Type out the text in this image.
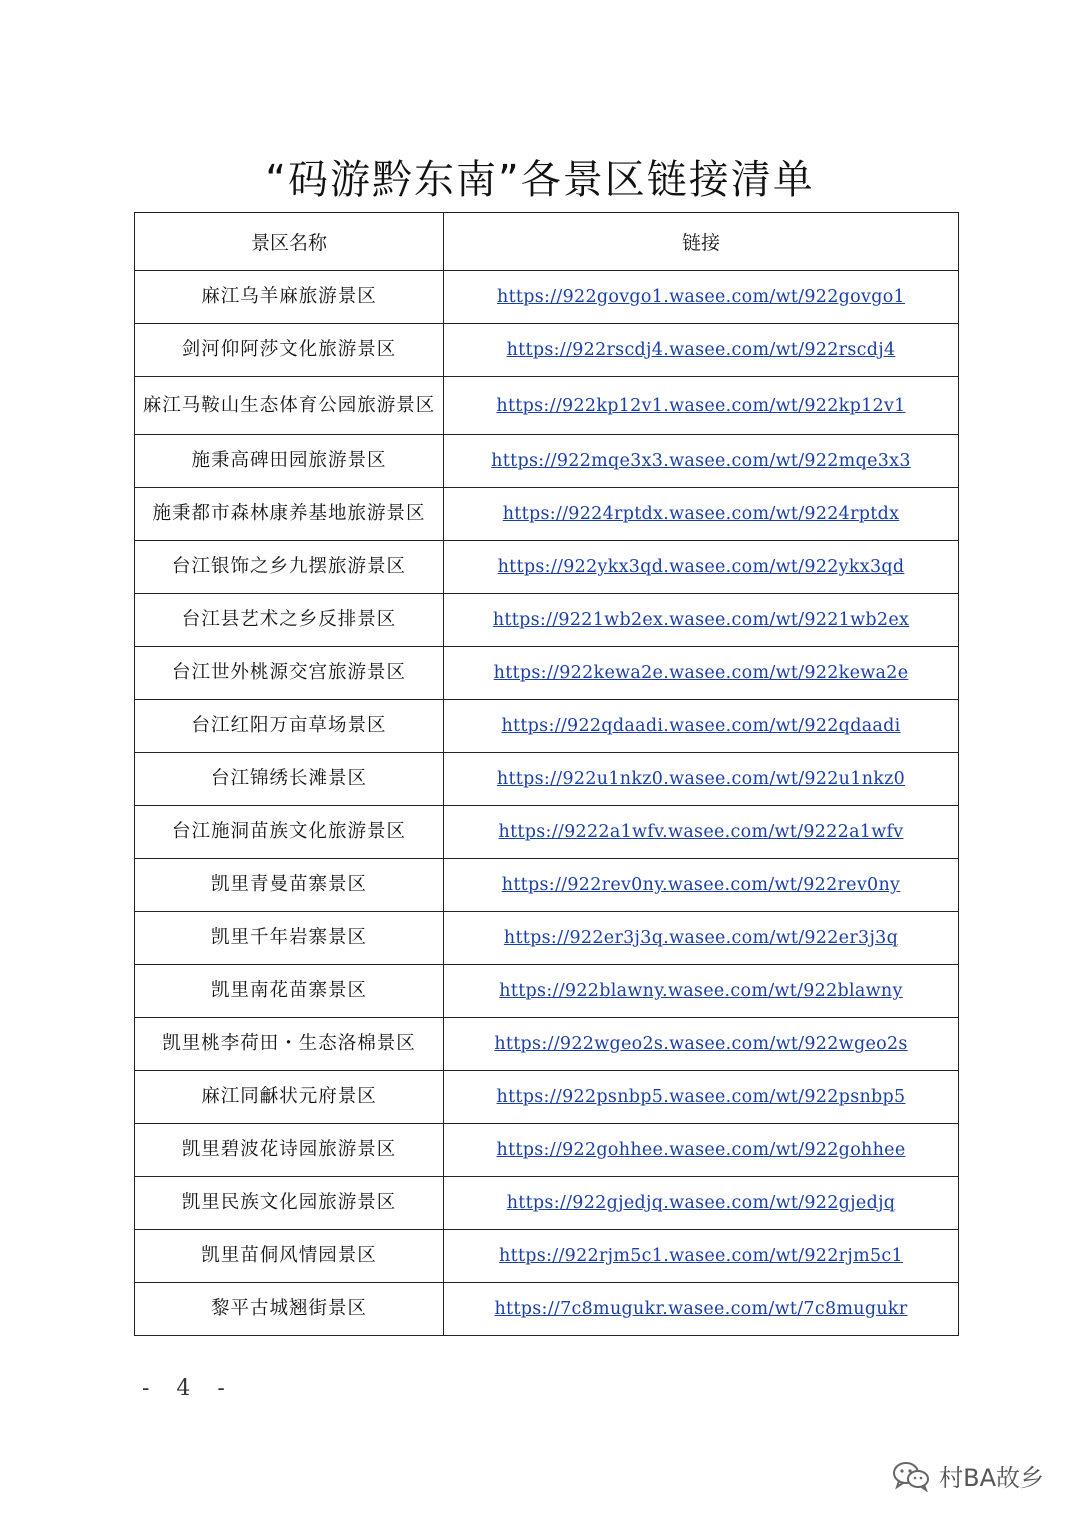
“码游黔东南”各景区链接清单
景区名称	链接
麻江乌羊麻旅游景区	https://922govgo1.wasee.com/wt/922govgo1
剑河仰阿莎文化旅游景区	https://922rscdj4.wasee.com/wt/922rscdj4
麻江马鞍山生态体育公园旅游景区	https://922kp12v1.wasee.com/wt/922kp12v1
施秉高碑田园旅游景区	https://922mqe3x3.wasee.com/wt/922mqe3x3
施秉都市森林康养基地旅游景区	https://9224rptdx.wasee.com/wt/9224rptdx
台江银饰之乡九摆旅游景区	https://922ykx3qd.wasee.com/wt/922ykx3qd
台江县艺术之乡反排景区	https://9221wb2ex.wasee.com/wt/9221wb2ex
台江世外桃源交宫旅游景区	https://922kewa2e.wasee.com/wt/922kewa2e
台江红阳万亩草场景区	https://922qdaadi.wasee.com/wt/922qdaadi
台江锦绣长滩景区	https://922u1nkz0.wasee.com/wt/922u1nkz0
台江施洞苗族文化旅游景区	https://9222a1wfv.wasee.com/wt/9222a1wfv
凯里青曼苗寨景区	https://922rev0ny.wasee.com/wt/922rev0ny
凯里千年岩寨景区	https://922er3j3q.wasee.com/wt/922er3j3q
凯里南花苗寨景区	https://922blawny.wasee.com/wt/922blawny
凯里桃李荷田・生态洛棉景区	https://922wgeo2s.wasee.com/wt/922wgeo2s
麻江同龢状元府景区	https://922psnbp5.wasee.com/wt/922psnbp5
凯里碧波花诗园旅游景区	https://922gohhee.wasee.com/wt/922gohhee
凯里民族文化园旅游景区	https://922gjedjq.wasee.com/wt/922gjedjq
凯里苗侗风情园景区	https://922rjm5c1.wasee.com/wt/922rjm5c1
黎平古城翘街景区	https://7c8mugukr.wasee.com/wt/7c8mugukr
- 4 -
村BA故乡
